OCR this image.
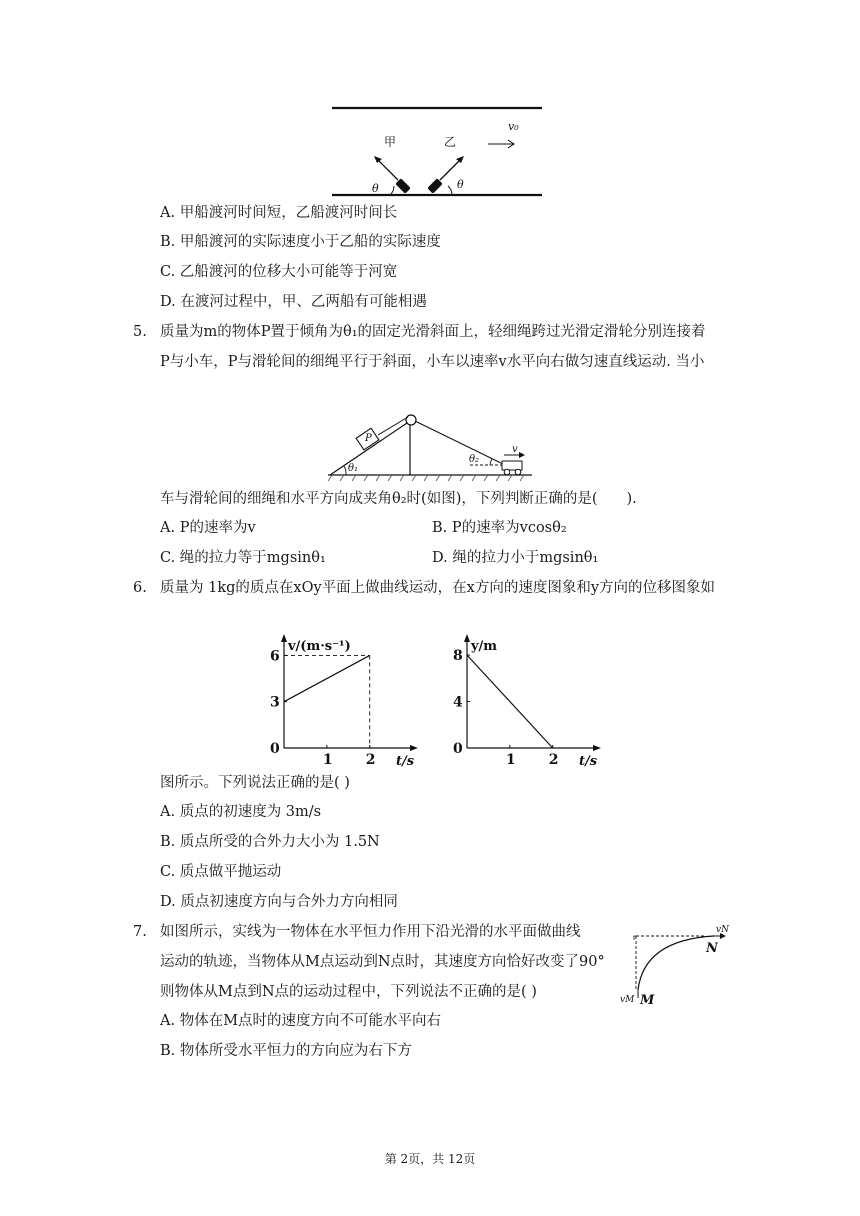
甲	乙
v₀
θ	θ
A. 甲船渡河时间短，乙船渡河时间长
B. 甲船渡河的实际速度小于乙船的实际速度
C. 乙船渡河的位移大小可能等于河宽
D. 在渡河过程中，甲、乙两船有可能相遇
5. 质量为m的物体P置于倾角为θ₁的固定光滑斜面上，轻细绳跨过光滑定滑轮分别连接着
P与小车，P与滑轮间的细绳平行于斜面，小车以速率v水平向右做匀速直线运动. 当小
P
θ₁
θ₂
v
车与滑轮间的细绳和水平方向成夹角θ₂时(如图)，下列判断正确的是(　　).
A. P的速率为v	B. P的速率为vcosθ₂
C. 绳的拉力等于mgsinθ₁	D. 绳的拉力小于mgsinθ₁
6. 质量为 1kg的质点在xOy平面上做曲线运动，在x方向的速度图象和y方向的位移图象如
v/(m·s⁻¹)
t/s
0
1 2
3
6
y/m
t/s
0
1 2
4
8
图所示。下列说法正确的是( )
A. 质点的初速度为 3m/s
B. 质点所受的合外力大小为 1.5N
C. 质点做平抛运动
D. 质点初速度方向与合外力方向相同
7. 如图所示，实线为一物体在水平恒力作用下沿光滑的水平面做曲线
运动的轨迹，当物体从M点运动到N点时，其速度方向恰好改变了90°
则物体从M点到N点的运动过程中，下列说法不正确的是( )
vN
N
vM M
A. 物体在M点时的速度方向不可能水平向右
B. 物体所受水平恒力的方向应为右下方
第 2页，共 12页
